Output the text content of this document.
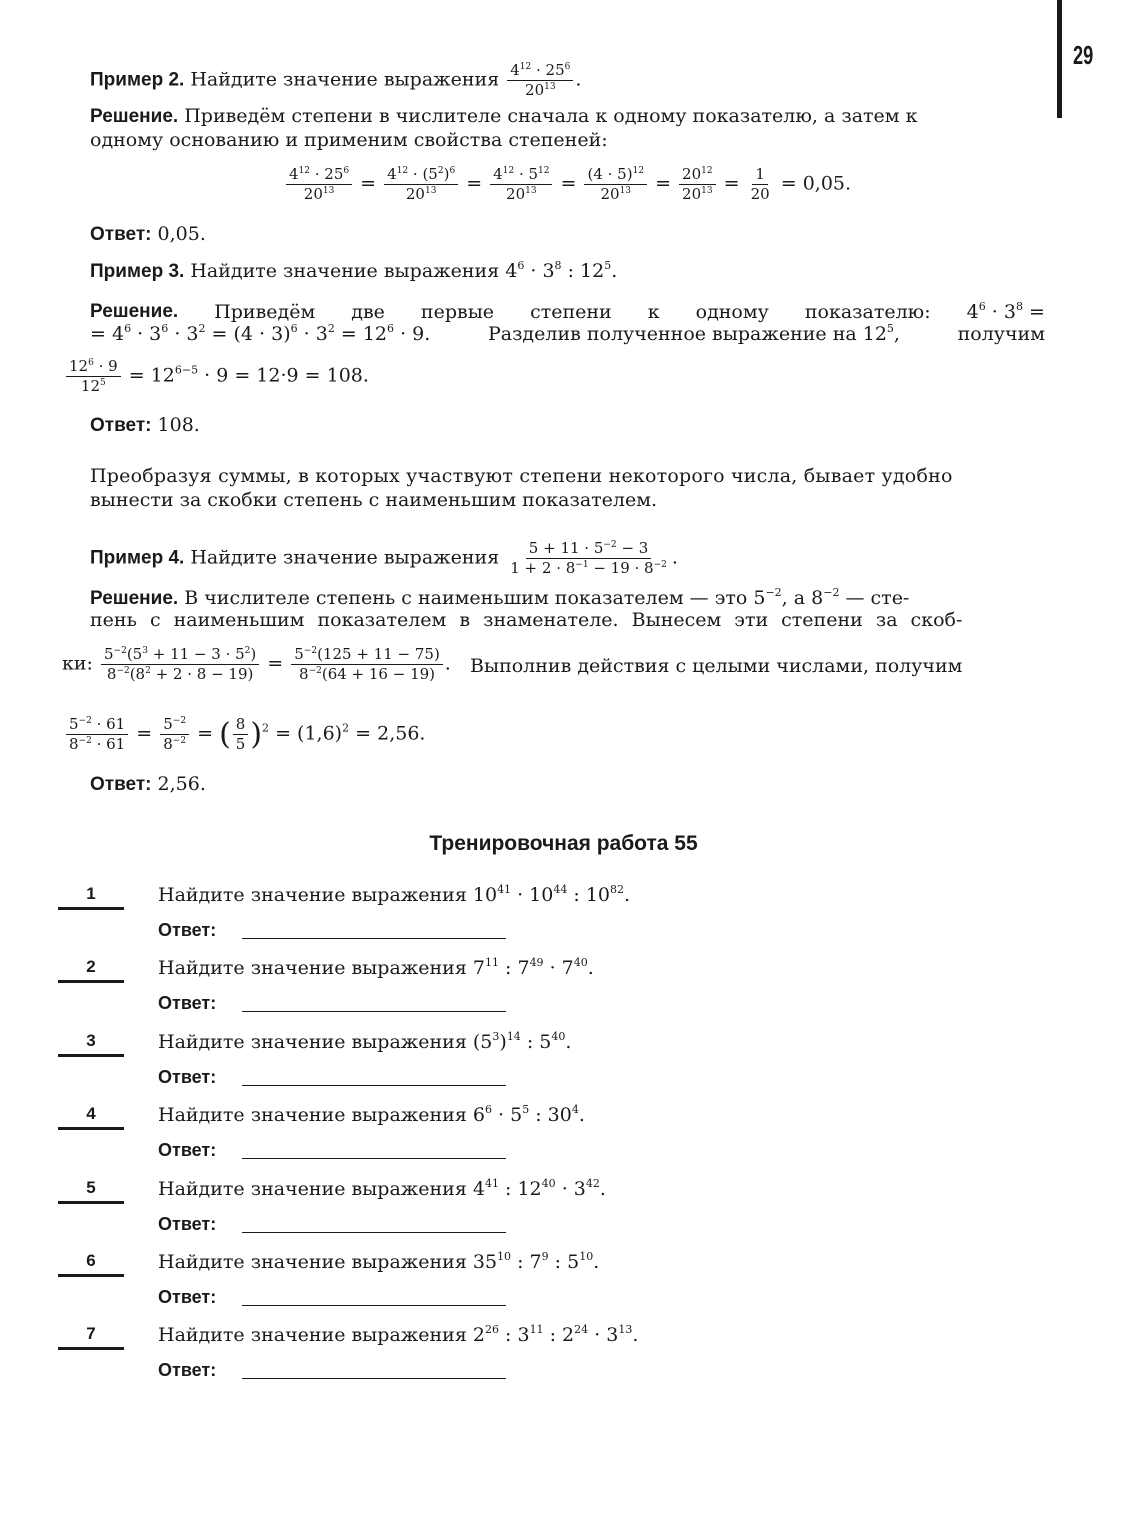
29
Пример 2. Найдите значение выражения $\frac{4^{12} \cdot 25^6}{20^{13}}$ .
Решение. Приведём степени в числителе сначала к одному показателю, а затем к
одному основанию и применим свойства степеней:
$\frac{4^{12} \cdot 25^6}{20^{13}} = \frac{4^{12} \cdot (5^2)^6}{20^{13}} = \frac{4^{12} \cdot 5^{12}}{20^{13}} = \frac{(4 \cdot 5)^{12}}{20^{13}} = \frac{20^{12}}{20^{13}} = \frac{1}{20} = 0,05$.
Ответ: 0,05.
Пример 3. Найдите значение выражения $4^6 \cdot 3^8$ : $12^5$.
Решение. Приведём две первые степени к одному показателю: $4^6 \cdot 3^8$ =
= $4^6 \cdot 3^6 \cdot 3^2 = (4 \cdot 3)^6 \cdot 3^2 = 12^6 \cdot 9$.	Разделив полученное выражение на $12^5$,	получим
$\frac{12^6 \cdot 9}{12^5} = 12^{6-5} \cdot 9 = 12\cdot 9 = 108$.
Ответ: 108.
Преобразуя суммы, в которых участвуют степени некоторого числа, бывает удобно
вынести за скобки степень с наименьшим показателем.
Пример 4. Найдите значение выражения $\frac{5 + 11 \cdot 5^{-2} - 3}{1 + 2 \cdot 8^{-1} - 19 \cdot 8^{-2}}$ .
Решение. В числителе степень с наименьшим показателем — это $5^{-2}$, а $8^{-2}$ — сте-
пень с наименьшим показателем в знаменателе. Вынесем эти степени за скоб-
ки: $\frac{5^{-2}(5^3 + 11 - 3 \cdot 5^2)}{8^{-2}(8^2 + 2 \cdot 8 - 19)} = \frac{5^{-2}(125 + 11 - 75)}{8^{-2}(64 + 16 - 19)}$ . Выполнив действия с целыми числами, получим
$\frac{5^{-2} \cdot 61}{8^{-2} \cdot 61} = \frac{5^{-2}}{8^{-2}}$ = ( $\frac{8}{5} )^2 = (1,6)^2 = 2,56$.
Ответ: 2,56.
Тренировочная работа 55
1	Найдите значение выражения $10^{41} \cdot 10^{44}$ : $10^{82}$.
Ответ:
2	Найдите значение выражения $7^{11}$ : $7^{49} \cdot 7^{40}$.
Ответ:
3	Найдите значение выражения $(5^3)^{14}$ : $5^{40}$.
Ответ:
4	Найдите значение выражения $6^6 \cdot 5^5$ : $30^4$.
Ответ:
5	Найдите значение выражения $4^{41}$ : $12^{40} \cdot 3^{42}$.
Ответ:
6	Найдите значение выражения $35^{10}$ : $7^9$ : $5^{10}$.
Ответ:
7	Найдите значение выражения $2^{26}$ : $3^{11}$ : $2^{24} \cdot 3^{13}$.
Ответ:
